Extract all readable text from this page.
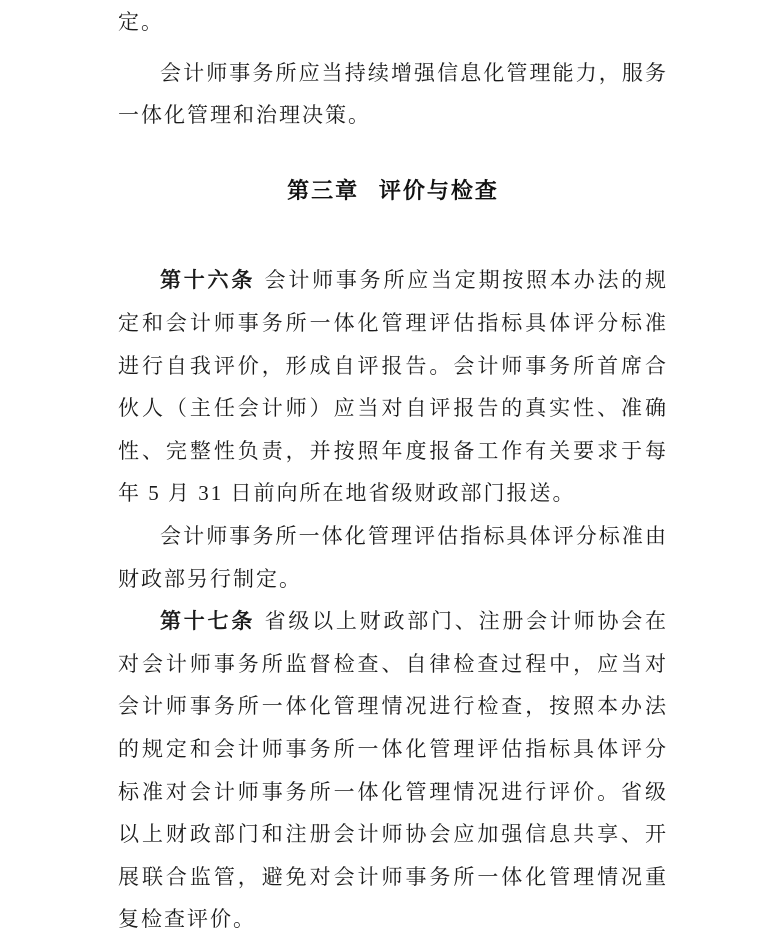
定。

会计师事务所应当持续增强信息化管理能力，服务一体化管理和治理决策。

第三章 评价与检查

第十六条 会计师事务所应当定期按照本办法的规定和会计师事务所一体化管理评估指标具体评分标准进行自我评价，形成自评报告。会计师事务所首席合伙人（主任会计师）应当对自评报告的真实性、准确性、完整性负责，并按照年度报备工作有关要求于每年 5 月 31 日前向所在地省级财政部门报送。

会计师事务所一体化管理评估指标具体评分标准由财政部另行制定。

第十七条 省级以上财政部门、注册会计师协会在对会计师事务所监督检查、自律检查过程中，应当对会计师事务所一体化管理情况进行检查，按照本办法的规定和会计师事务所一体化管理评估指标具体评分标准对会计师事务所一体化管理情况进行评价。省级以上财政部门和注册会计师协会应加强信息共享、开展联合监管，避免对会计师事务所一体化管理情况重复检查评价。
